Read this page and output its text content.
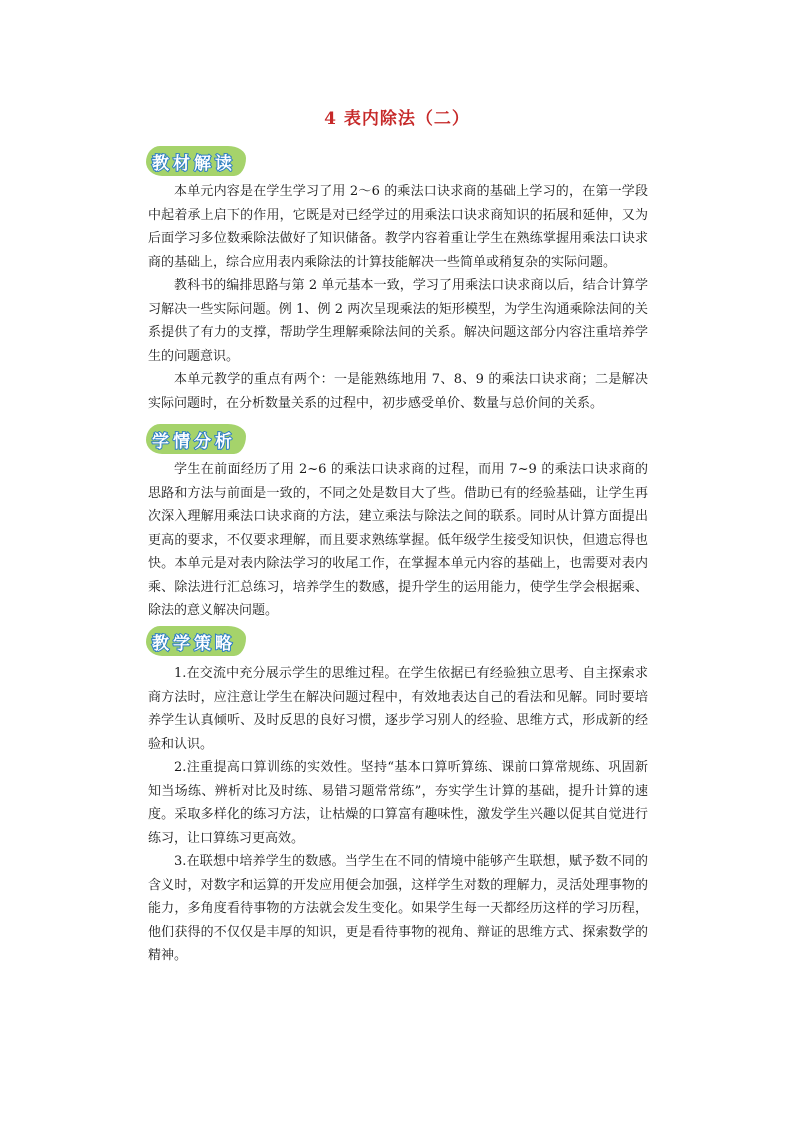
4 表内除法（二）
教材解读

本单元内容是在学生学习了用 2～6 的乘法口诀求商的基础上学习的，在第一学段中起着承上启下的作用，它既是对已经学过的用乘法口诀求商知识的拓展和延伸，又为后面学习多位数乘除法做好了知识储备。教学内容着重让学生在熟练掌握用乘法口诀求商的基础上，综合应用表内乘除法的计算技能解决一些简单或稍复杂的实际问题。

教科书的编排思路与第 2 单元基本一致，学习了用乘法口诀求商以后，结合计算学习解决一些实际问题。例 1、例 2 两次呈现乘法的矩形模型，为学生沟通乘除法间的关系提供了有力的支撑，帮助学生理解乘除法间的关系。解决问题这部分内容注重培养学生的问题意识。

本单元教学的重点有两个：一是能熟练地用 7、8、9 的乘法口诀求商；二是解决实际问题时，在分析数量关系的过程中，初步感受单价、数量与总价间的关系。

学情分析

学生在前面经历了用 2~6 的乘法口诀求商的过程，而用 7~9 的乘法口诀求商的思路和方法与前面是一致的，不同之处是数目大了些。借助已有的经验基础，让学生再次深入理解用乘法口诀求商的方法，建立乘法与除法之间的联系。同时从计算方面提出更高的要求，不仅要求理解，而且要求熟练掌握。低年级学生接受知识快，但遗忘得也快。本单元是对表内除法学习的收尾工作，在掌握本单元内容的基础上，也需要对表内乘、除法进行汇总练习，培养学生的数感，提升学生的运用能力，使学生学会根据乘、除法的意义解决问题。

教学策略

1.在交流中充分展示学生的思维过程。在学生依据已有经验独立思考、自主探索求商方法时，应注意让学生在解决问题过程中，有效地表达自己的看法和见解。同时要培养学生认真倾听、及时反思的良好习惯，逐步学习别人的经验、思维方式，形成新的经验和认识。

2.注重提高口算训练的实效性。坚持“基本口算听算练、课前口算常规练、巩固新知当场练、辨析对比及时练、易错习题常常练”，夯实学生计算的基础，提升计算的速度。采取多样化的练习方法，让枯燥的口算富有趣味性，激发学生兴趣以促其自觉进行练习，让口算练习更高效。

3.在联想中培养学生的数感。当学生在不同的情境中能够产生联想，赋予数不同的含义时，对数字和运算的开发应用便会加强，这样学生对数的理解力，灵活处理事物的能力，多角度看待事物的方法就会发生变化。如果学生每一天都经历这样的学习历程，他们获得的不仅仅是丰厚的知识，更是看待事物的视角、辩证的思维方式、探索数学的精神。
